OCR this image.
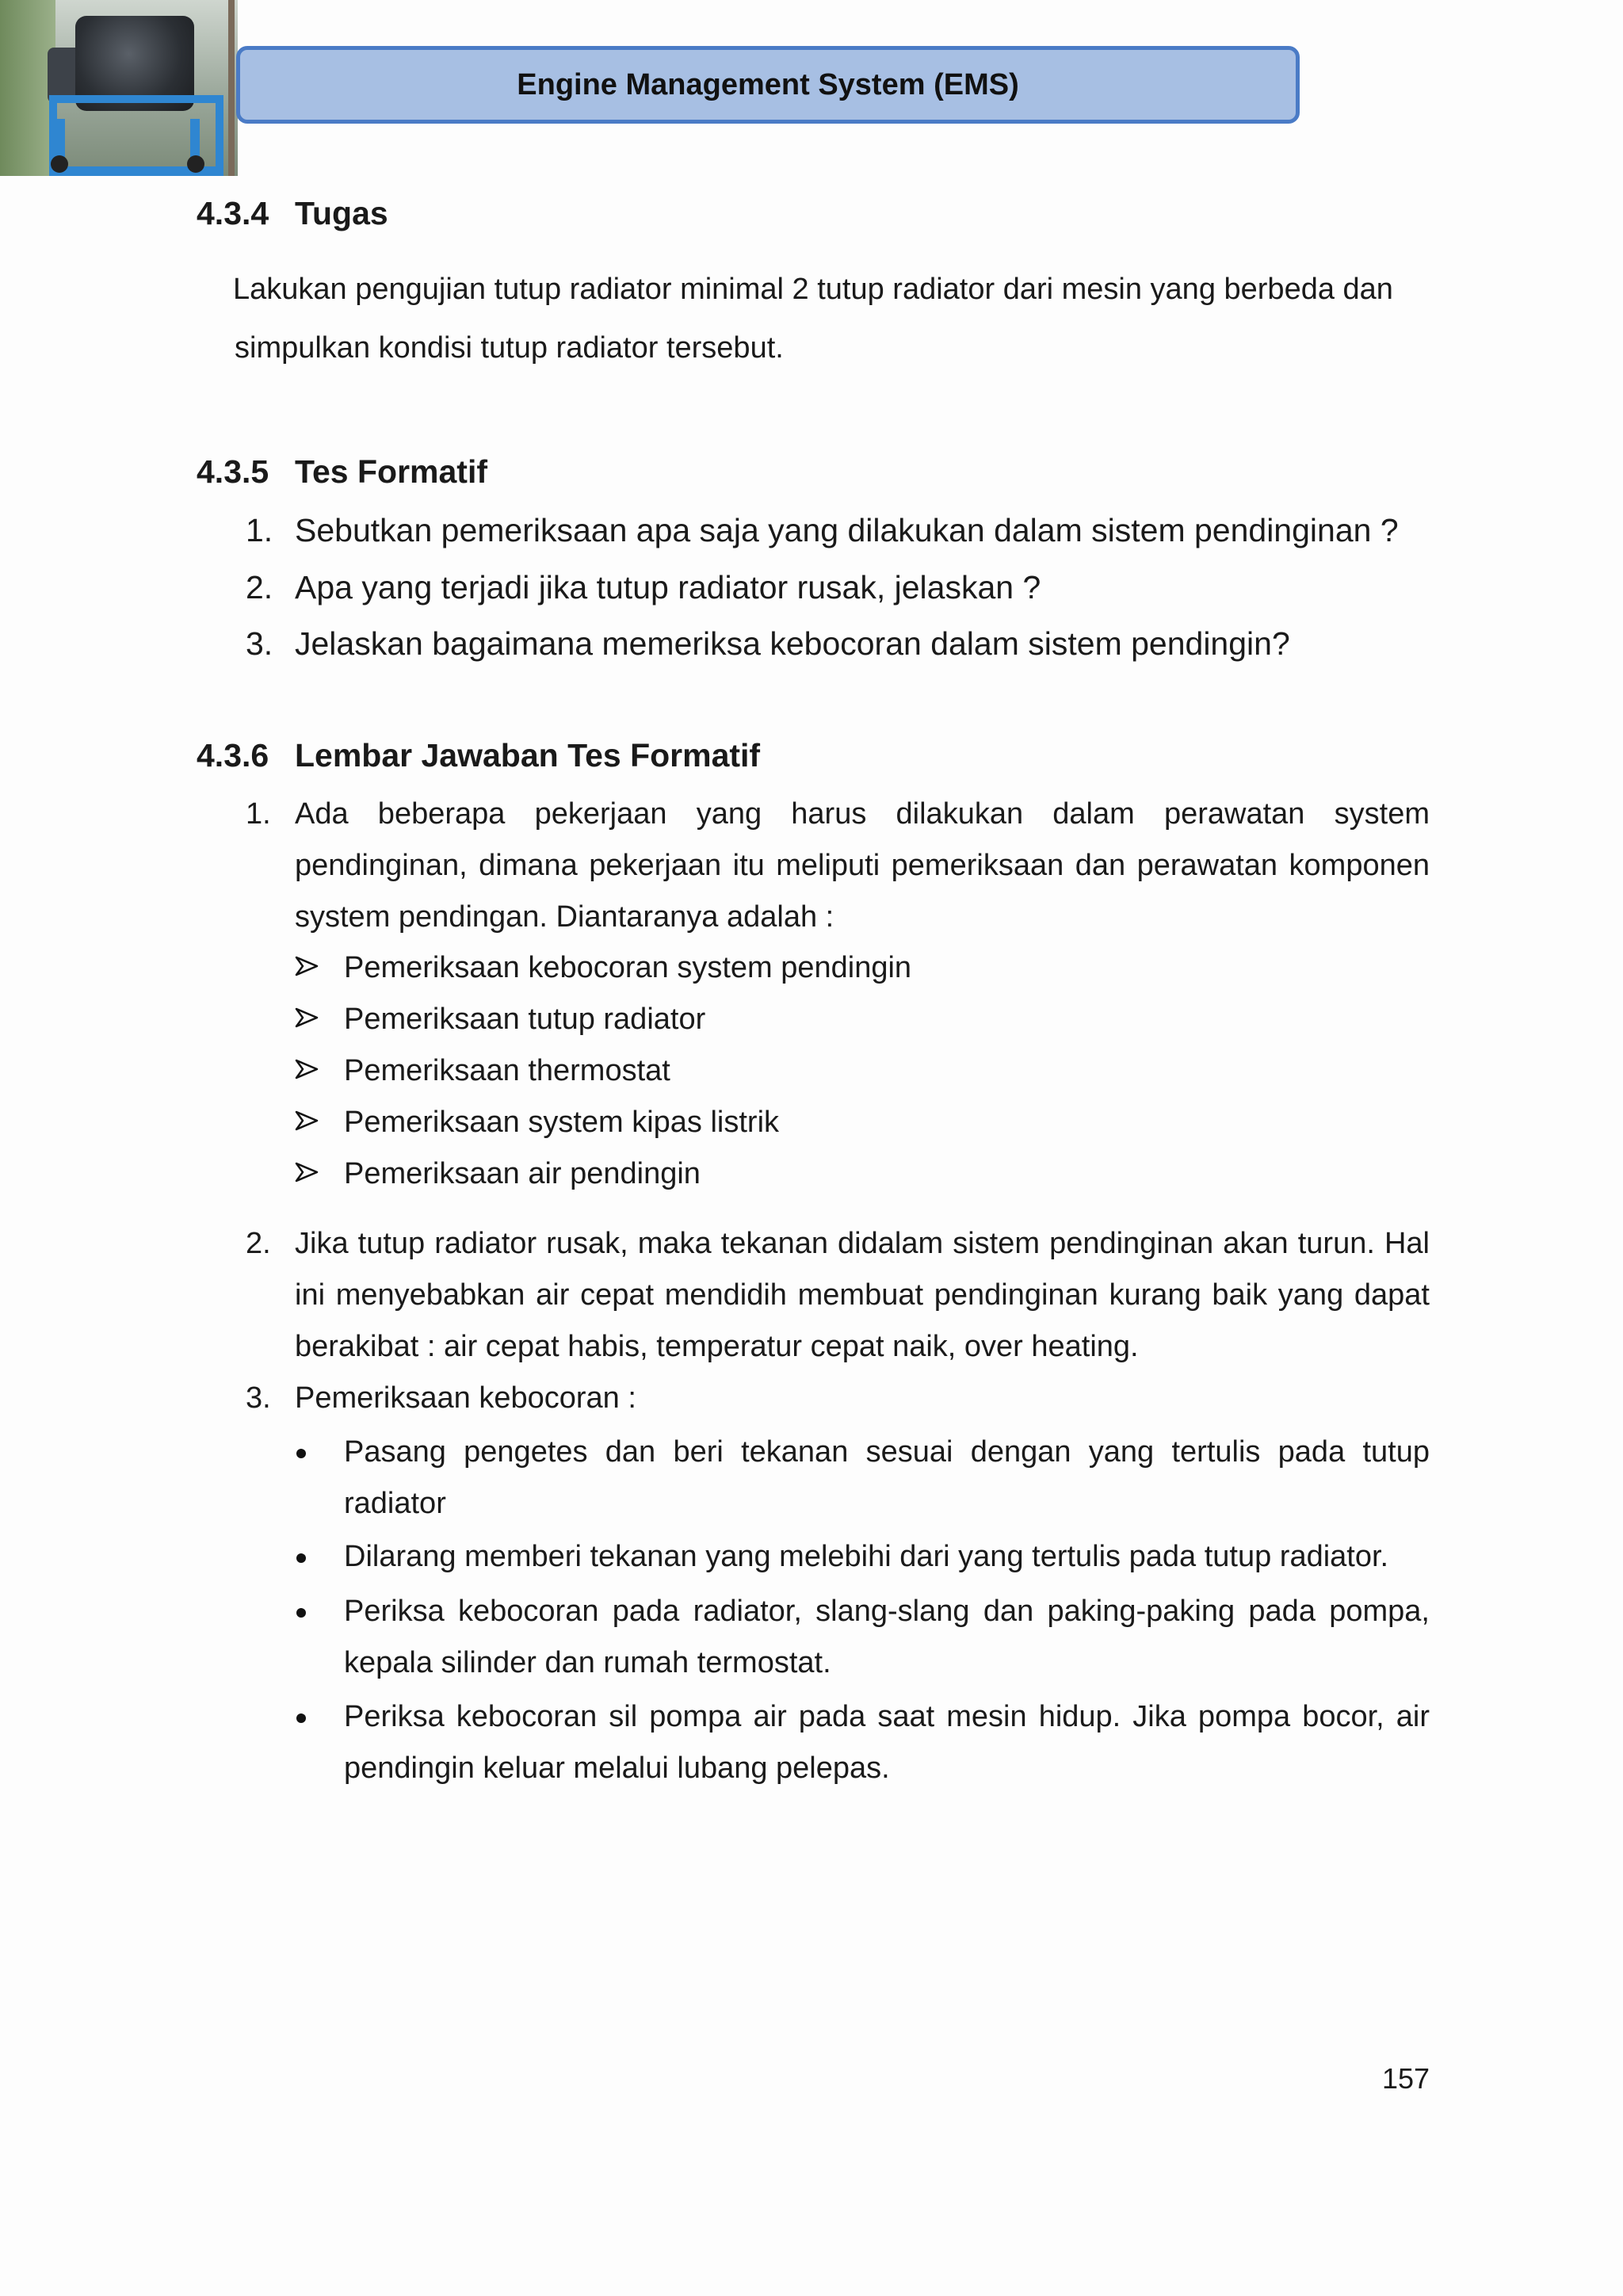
Engine Management System (EMS)
4.3.4 Tugas
Lakukan pengujian tutup radiator minimal 2 tutup radiator dari mesin yang berbeda dan
simpulkan kondisi tutup radiator tersebut.
4.3.5 Tes Formatif
1. Sebutkan pemeriksaan apa saja yang dilakukan dalam sistem pendinginan ?
2. Apa yang terjadi jika tutup radiator rusak, jelaskan ?
3. Jelaskan bagaimana memeriksa kebocoran dalam sistem pendingin?
4.3.6 Lembar Jawaban Tes Formatif
1. Ada beberapa pekerjaan yang harus dilakukan dalam perawatan system
pendinginan, dimana pekerjaan itu meliputi pemeriksaan dan perawatan komponen
system pendingan. Diantaranya adalah :
Pemeriksaan kebocoran system pendingin
Pemeriksaan tutup radiator
Pemeriksaan thermostat
Pemeriksaan system kipas listrik
Pemeriksaan air pendingin
2. Jika tutup radiator rusak, maka tekanan didalam sistem pendinginan akan turun. Hal
ini menyebabkan air cepat mendidih membuat pendinginan kurang baik yang dapat
berakibat : air cepat habis, temperatur cepat naik, over heating.
3. Pemeriksaan kebocoran :
Pasang pengetes dan beri tekanan sesuai dengan yang tertulis pada tutup
radiator
Dilarang memberi tekanan yang melebihi dari yang tertulis pada tutup radiator.
Periksa kebocoran pada radiator, slang-slang dan paking-paking pada pompa,
kepala silinder dan rumah termostat.
Periksa kebocoran sil pompa air pada saat mesin hidup. Jika pompa bocor, air
pendingin keluar melalui lubang pelepas.
157
